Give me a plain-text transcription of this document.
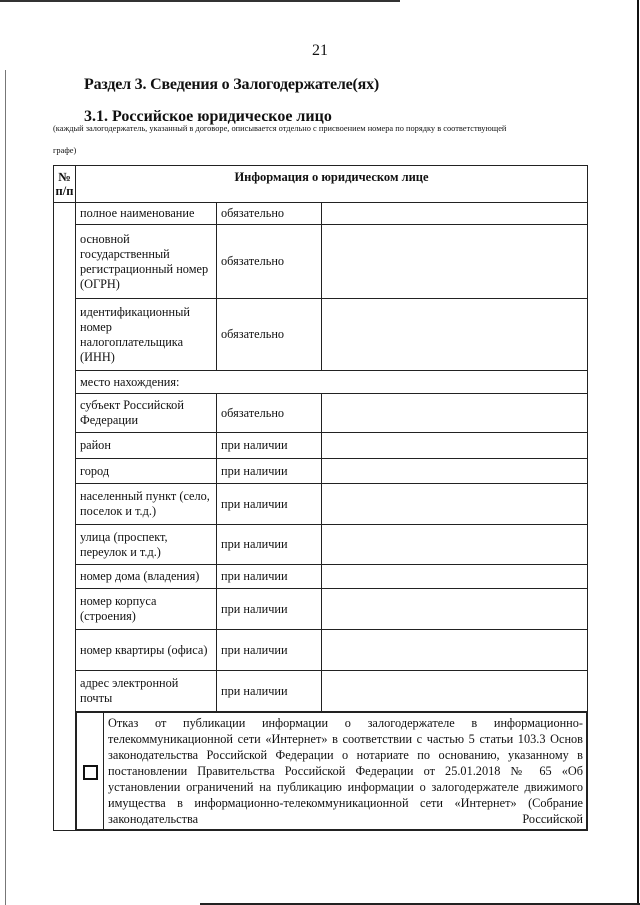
21
Раздел 3. Сведения о Залогодержателе(ях)
3.1. Российское юридическое лицо
(каждый залогодержатель, указанный в договоре, описывается отдельно с присвоением номера по порядку в соответствующей
графе)
№ п/п	Информация о юридическом лице
	полное наименование	обязательно	
основной государственный регистрационный номер (ОГРН)	обязательно	
идентификационный номер налогоплательщика (ИНН)	обязательно	
место нахождения:
субъект Российской Федерации	обязательно	
район	при наличии	
город	при наличии	
населенный пункт (село, поселок и т.д.)	при наличии	
улица (проспект, переулок и т.д.)	при наличии	
номер дома (владения)	при наличии	
номер корпуса (строения)	при наличии	
номер квартиры (офиса)	при наличии	
адрес электронной почты	при наличии	

	Отказ от публикации информации о залогодержателе в информационно-телекоммуникационной сети «Интернет» в соответствии с частью 5 статьи 103.3 Основ законодательства Российской Федерации о нотариате по основанию, указанному в постановлении Правительства Российской Федерации от 25.01.2018 № 65 «Об установлении ограничений на публикацию информации о залогодержателе движимого имущества в информационно-телекоммуникационной сети «Интернет» (Собрание законодательства Российской
